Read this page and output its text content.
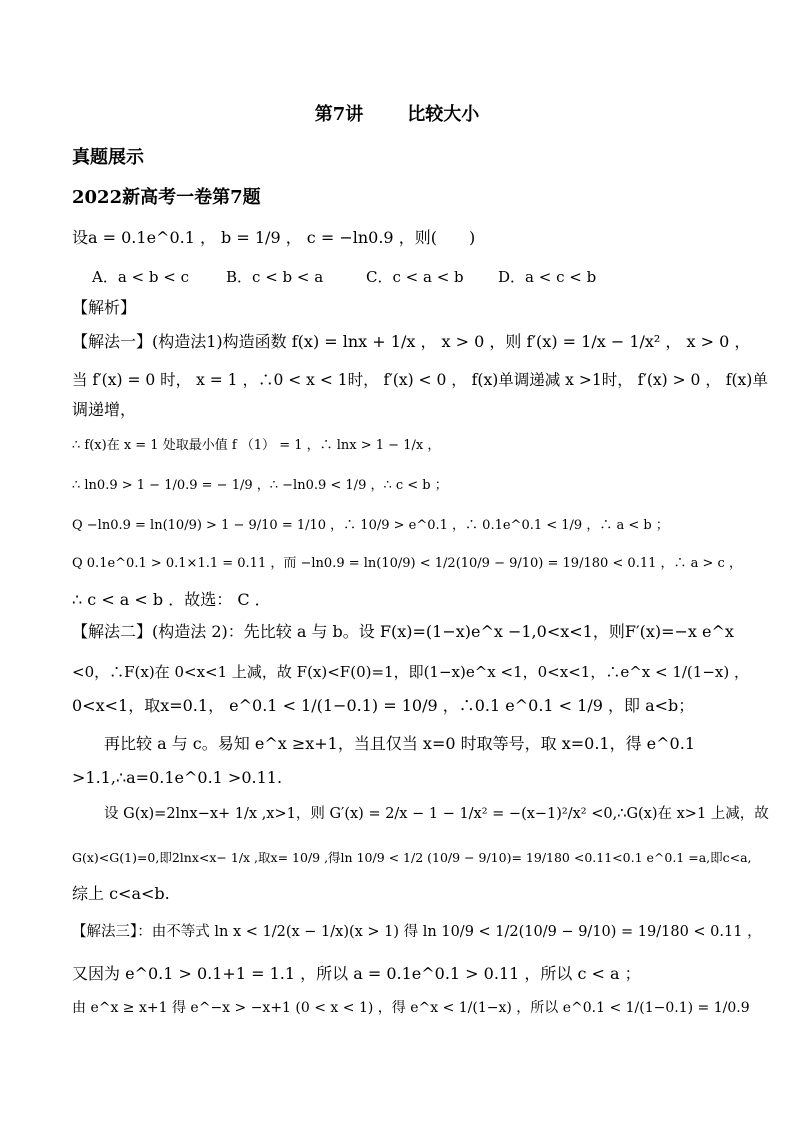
第7讲 比较大小
真题展示
2022新高考一卷第7题
设a = 0.1e^0.1 ， b = 1/9 ， c = −ln0.9 ，则(　　)
A．a < b < c B．c < b < a	C．c < a < b D．a < c < b
【解析】
【解法一】(构造法1)构造函数 f(x) = lnx + 1/x ， x > 0 ，则 f′(x) = 1/x − 1/x² ， x > 0 ，
当 f′(x) = 0 时， x = 1 ，∴0 < x < 1时， f′(x) < 0 ， f(x)单调递减 x >1时， f′(x) > 0 ， f(x)单
调递增，
∴ f(x)在 x = 1 处取最小值 f （1） = 1 ，∴ lnx > 1 − 1/x ，
∴ ln0.9 > 1 − 1/0.9 = − 1/9 ，∴ −ln0.9 < 1/9 ，∴ c < b ；
Q −ln0.9 = ln(10/9) > 1 − 9/10 = 1/10 ，∴ 10/9 > e^0.1 ，∴ 0.1e^0.1 < 1/9 ，∴ a < b ；
Q 0.1e^0.1 > 0.1×1.1 = 0.11 ，而 −ln0.9 = ln(10/9) < 1/2(10/9 − 9/10) = 19/180 < 0.11 ，∴ a > c ，
∴ c < a < b ．故选： C ．
【解法二】(构造法 2)：先比较 a 与 b。设 F(x)=(1−x)e^x −1,0<x<1，则F′(x)=−x e^x
<0，∴F(x)在 0<x<1 上减，故 F(x)<F(0)=1，即(1−x)e^x <1，0<x<1，∴e^x < 1/(1−x) ，
0<x<1，取x=0.1， e^0.1 < 1/(1−0.1) = 10/9 ，∴0.1 e^0.1 < 1/9 ，即 a<b；
再比较 a 与 c。易知 e^x ≥x+1，当且仅当 x=0 时取等号，取 x=0.1，得 e^0.1
>1.1,∴a=0.1e^0.1 >0.11.
设 G(x)=2lnx−x+ 1/x ,x>1，则 G′(x) = 2/x − 1 − 1/x² = −(x−1)²/x² <0,∴G(x)在 x>1 上减，故
G(x)<G(1)=0,即2lnx<x− 1/x ,取x= 10/9 ,得ln 10/9 < 1/2 (10/9 − 9/10)= 19/180 <0.11<0.1 e^0.1 =a,即c<a,
综上 c<a<b.
【解法三】：由不等式 ln x < 1/2(x − 1/x)(x > 1) 得 ln 10/9 < 1/2(10/9 − 9/10) = 19/180 < 0.11 ，
又因为 e^0.1 > 0.1+1 = 1.1 ，所以 a = 0.1e^0.1 > 0.11 ，所以 c < a ；
由 e^x ≥ x+1 得 e^−x > −x+1 (0 < x < 1) ，得 e^x < 1/(1−x) ，所以 e^0.1 < 1/(1−0.1) = 1/0.9
